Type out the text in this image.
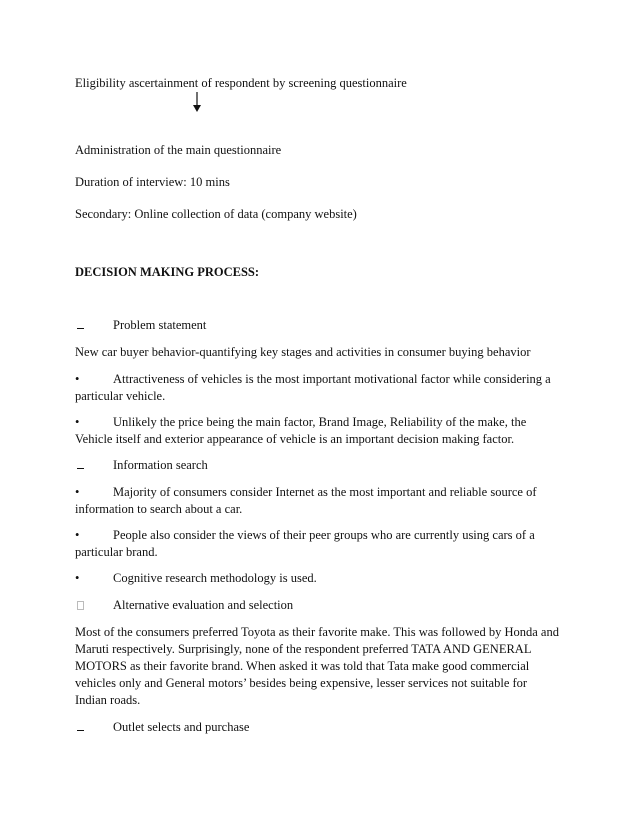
Eligibility ascertainment of respondent by screening questionnaire
Administration of the main questionnaire
Duration of interview: 10 mins
Secondary: Online collection of data (company website)
DECISION MAKING PROCESS:
Problem statement
New car buyer behavior-quantifying key stages and activities in consumer buying behavior
•	Attractiveness of vehicles is the most important motivational factor while considering a
particular vehicle.
•	Unlikely the price being the main factor, Brand Image, Reliability of the make, the
Vehicle itself and exterior appearance of vehicle is an important decision making factor.
Information search
•	Majority of consumers consider Internet as the most important and reliable source of
information to search about a car.
•	People also consider the views of their peer groups who are currently using cars of a
particular brand.
•	Cognitive research methodology is used.
Alternative evaluation and selection
Most of the consumers preferred Toyota as their favorite make. This was followed by Honda and
Maruti respectively. Surprisingly, none of the respondent preferred TATA AND GENERAL
MOTORS as their favorite brand. When asked it was told that Tata make good commercial
vehicles only and General motors’ besides being expensive, lesser services not suitable for
Indian roads.
Outlet selects and purchase
